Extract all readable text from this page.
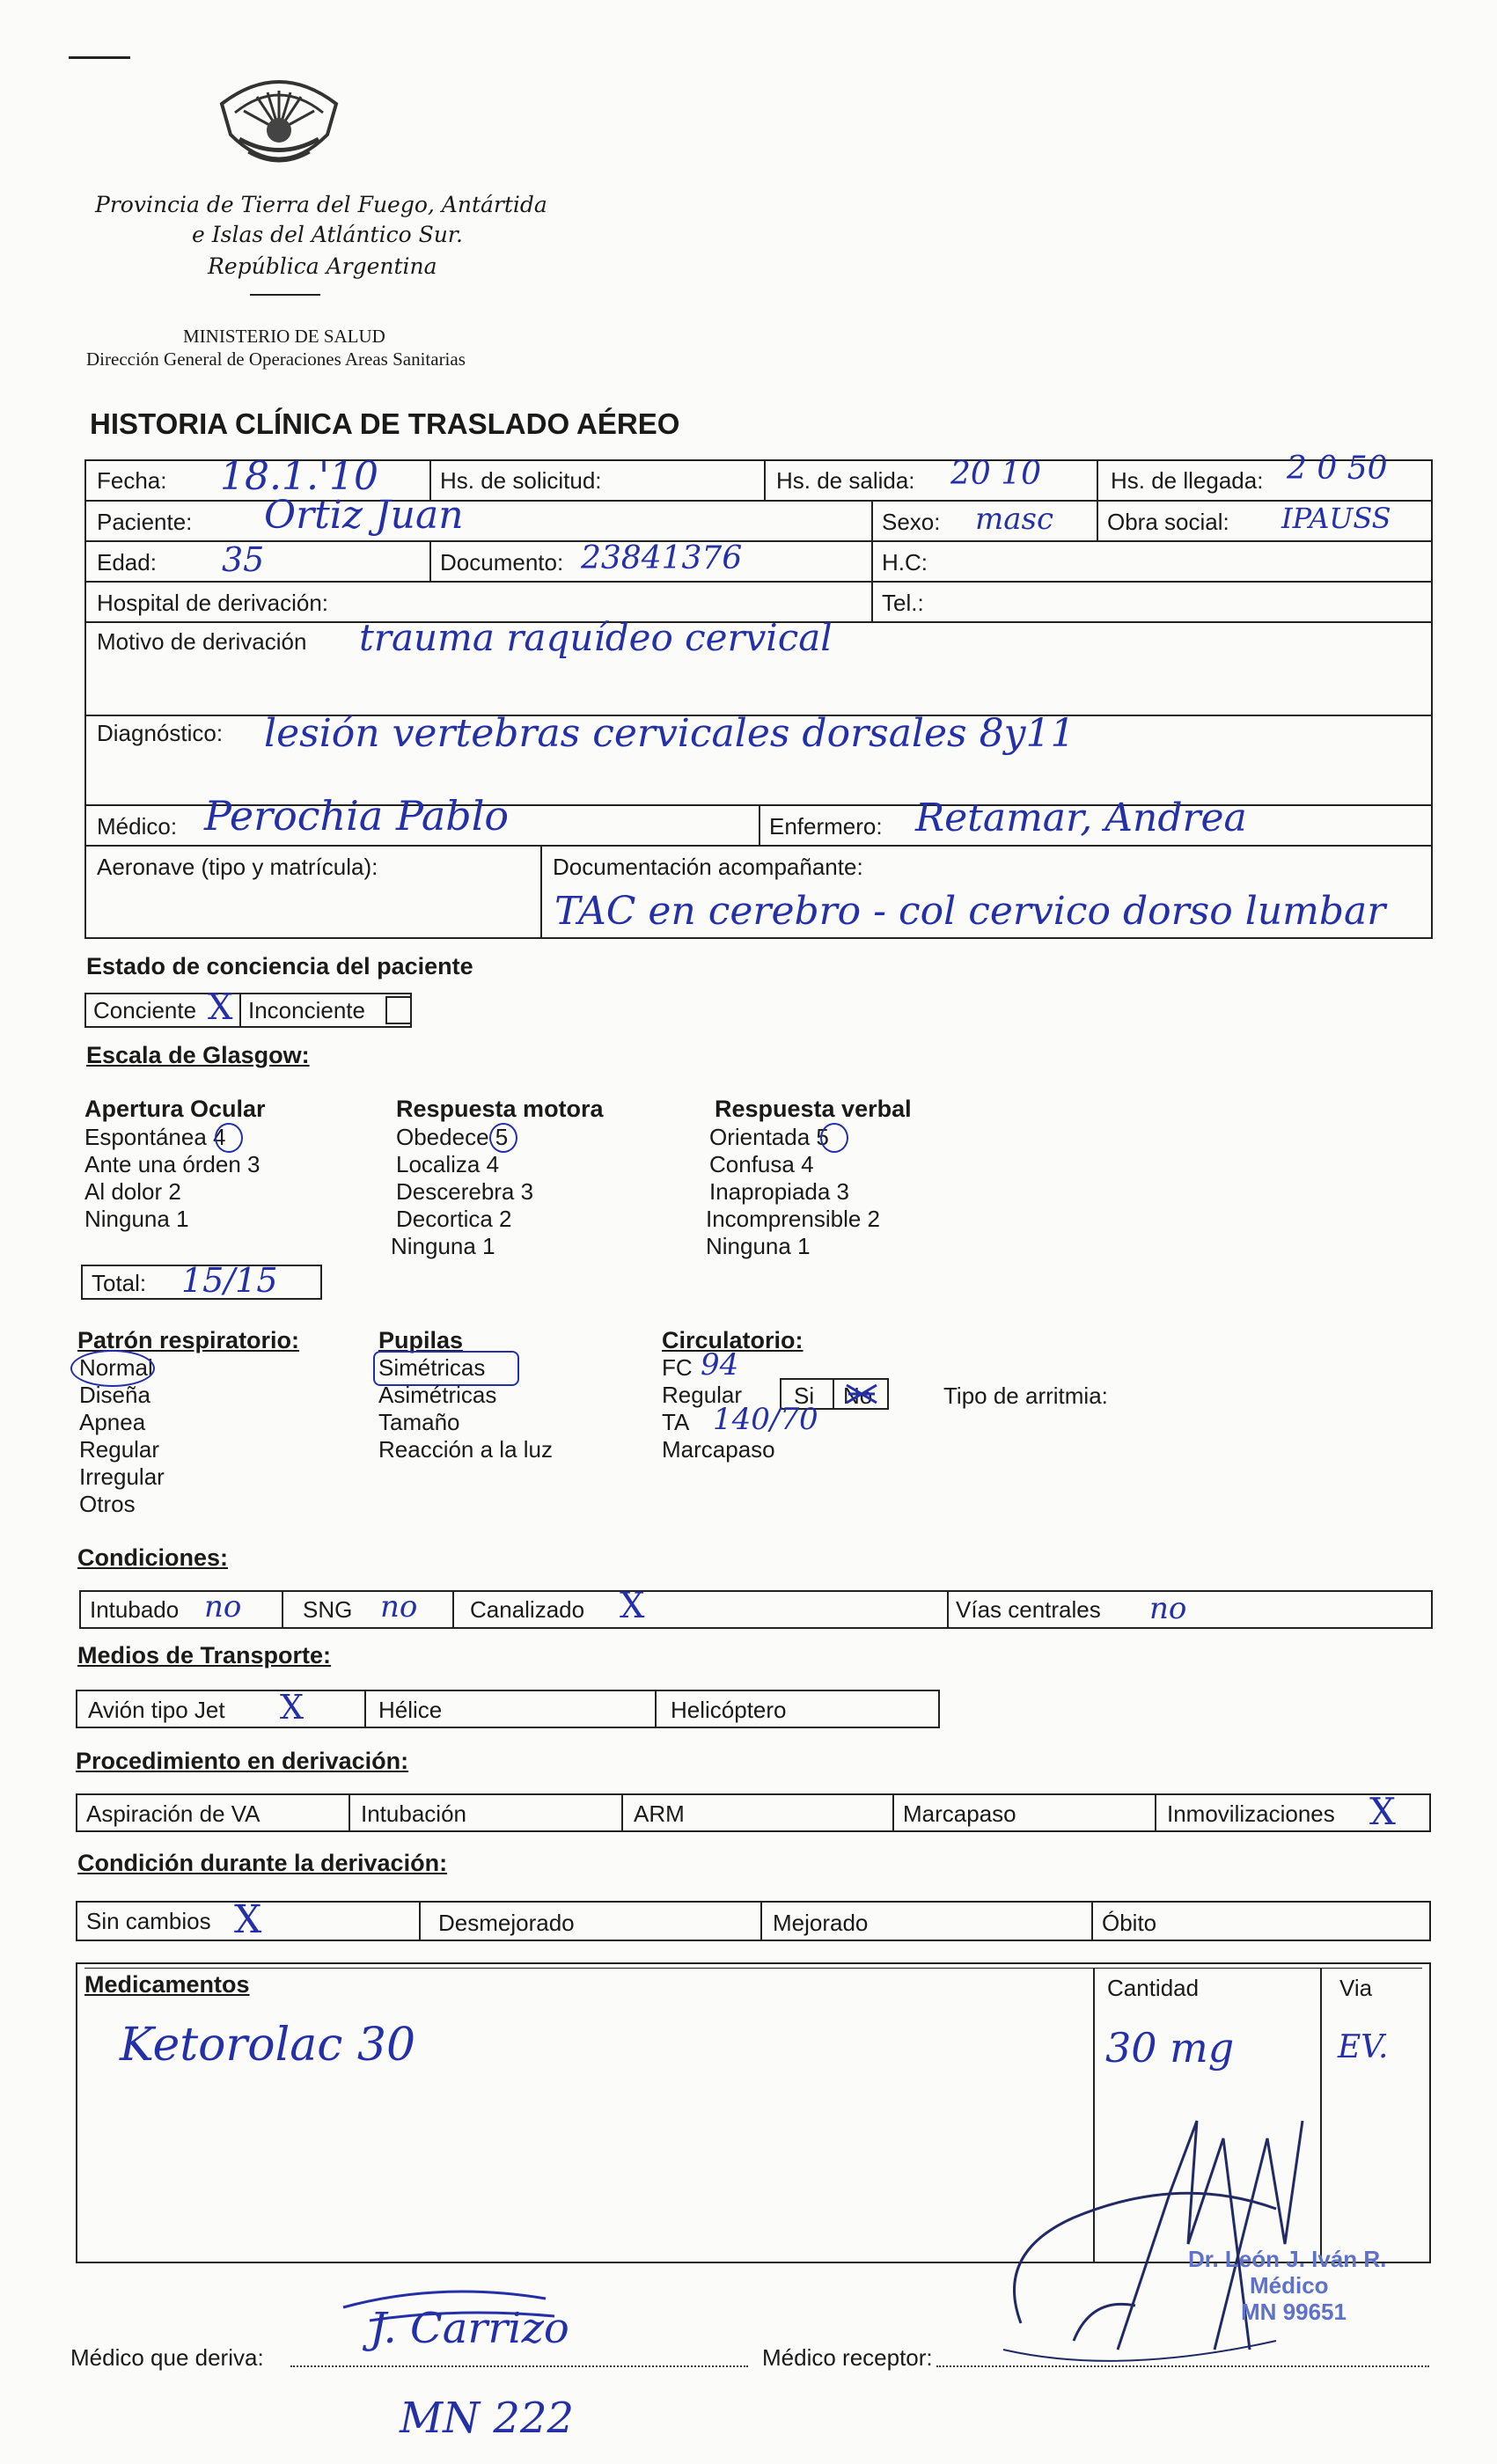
Provincia de Tierra del Fuego, Antártida
e Islas del Atlántico Sur.
República Argentina
MINISTERIO DE SALUD
Dirección General de Operaciones Areas Sanitarias
HISTORIA CLÍNICA DE TRASLADO AÉREO
Fecha: 18.1.'10	Hs. de solicitud:	Hs. de salida: 20 10	Hs. de llegada: 2 0 50
Paciente: Ortiz Juan	Sexo: masc Obra social: IPAUSS
Edad: 35	Documento: 23841376	H.C:
Hospital de derivación:	Tel.:
Motivo de derivación trauma raquídeo cervical
Diagnóstico: lesión vertebras cervicales dorsales 8y11
Médico: Perochia Pablo	Enfermero: Retamar, Andrea
Aeronave (tipo y matrícula):	Documentación acompañante:
TAC en cerebro - col cervico dorso lumbar
Estado de conciencia del paciente
Conciente X Inconciente
Escala de Glasgow:
Apertura Ocular
Espontánea 4
Ante una órden 3
Al dolor 2
Ninguna 1
Respuesta motora
Obedece 5
Localiza 4
Descerebra 3
Decortica 2
Ninguna 1
Respuesta verbal
Orientada 5
Confusa 4
Inapropiada 3
Incomprensible 2
Ninguna 1
Total: 15/15
Patrón respiratorio:
Normal
Diseña
Apnea
Regular
Irregular
Otros
Pupilas
Simétricas
Asimétricas
Tamaño
Reacción a la luz
Circulatorio:
FC 94
Regular Si No
TA 140/70
Marcapaso
Tipo de arritmia:
Condiciones:
Intubado no	SNG no Canalizado X	Vías centrales no
Medios de Transporte:
Avión tipo Jet X	Hélice	Helicóptero
Procedimiento en derivación:
Aspiración de VA	Intubación	ARM	Marcapaso	Inmovilizaciones X
Condición durante la derivación:
Sin cambios X	Desmejorado	Mejorado	Óbito
Medicamentos	Cantidad	Via
Ketorolac 30	30 mg	EV.
Dr. León J. Iván R.
Médico
MN 99651
Médico que deriva:
J. Carrizo
MN 222
Médico receptor:
